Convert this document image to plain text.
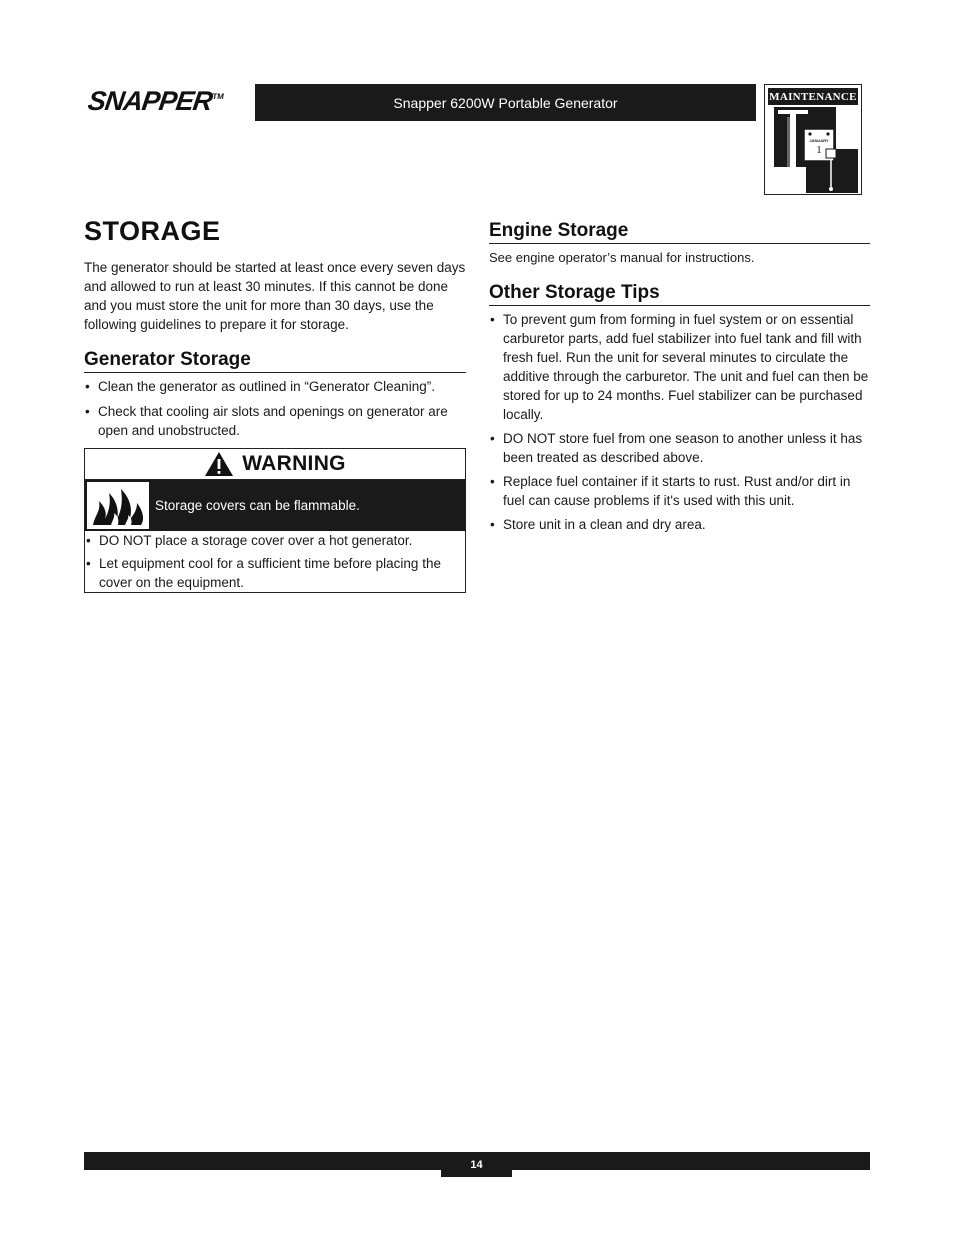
SNAPPER™	Snapper 6200W Portable Generator	MAINTENANCE
JANUARY
1
STORAGE

The generator should be started at least once every seven days and allowed to run at least 30 minutes. If this cannot be done and you must store the unit for more than 30 days, use the following guidelines to prepare it for storage.

Generator Storage
• Clean the generator as outlined in “Generator Cleaning”.
• Check that cooling air slots and openings on generator are open and unobstructed.
WARNING
Storage covers can be flammable.
• DO NOT place a storage cover over a hot generator.
• Let equipment cool for a sufficient time before placing the cover on the equipment.
Engine Storage

See engine operator’s manual for instructions.

Other Storage Tips
• To prevent gum from forming in fuel system or on essential carburetor parts, add fuel stabilizer into fuel tank and fill with fresh fuel. Run the unit for several minutes to circulate the additive through the carburetor. The unit and fuel can then be stored for up to 24 months. Fuel stabilizer can be purchased locally.
• DO NOT store fuel from one season to another unless it has been treated as described above.
• Replace fuel container if it starts to rust. Rust and/or dirt in fuel can cause problems if it's used with this unit.
• Store unit in a clean and dry area.
14
